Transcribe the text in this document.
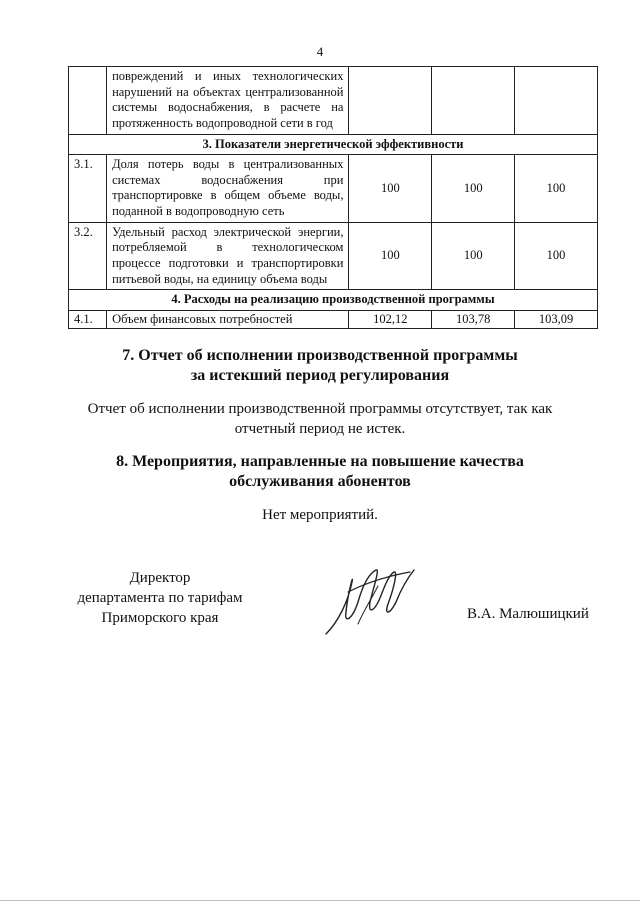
4

	повреждений и иных технологических
нарушений на объектах централизованной
системы водоснабжения, в расчете на
протяженность водопроводной сети в год			

3. Показатели энергетической эффективности				
3.1.	Доля потерь воды в централизованных
системах водоснабжения при
транспортировке в общем объеме воды,
поданной в водопроводную сеть	100	100	100
3.2.	Удельный расход электрической энергии,
потребляемой в технологическом
процессе подготовки и транспортировки
питьевой воды, на единицу объема воды	100	100	100
4. Расходы на реализацию производственной программы				
4.1.	Объем финансовых потребностей	102,12	103,78	103,09
7. Отчет об исполнении производственной программы
за истекший период регулирования
Отчет об исполнении производственной программы отсутствует, так как
отчетный период не истек.
8. Мероприятия, направленные на повышение качества
обслуживания абонентов
Нет мероприятий.
Директор
департамента по тарифам
Приморского края	В.А. Малюшицкий
